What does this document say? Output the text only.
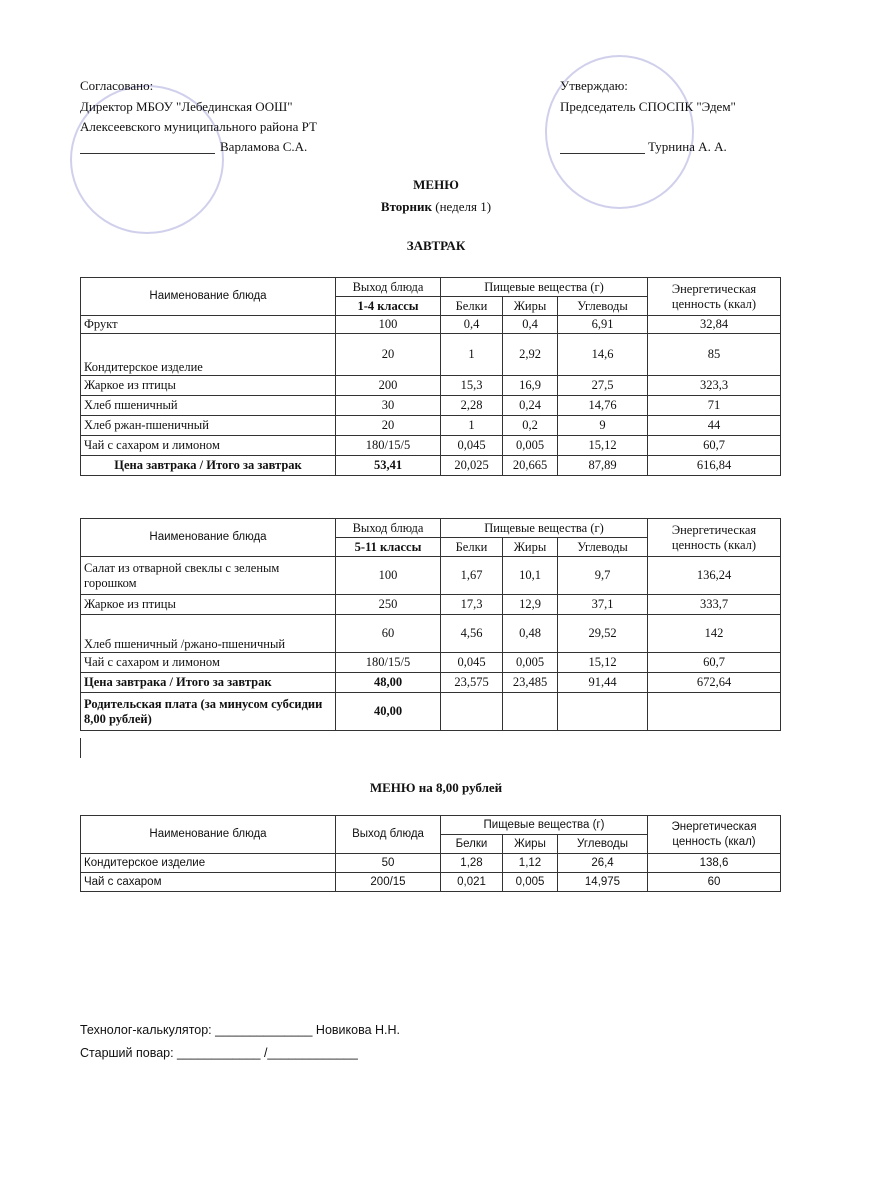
Согласовано:
Директор МБОУ "Лебединская ООШ"
Алексеевского муниципального района РТ
Варламова С.А.
Утверждаю:
Председатель СПОСПК "Эдем"
Турнина А. А.
МЕНЮ
Вторник (неделя 1)
ЗАВТРАК
Наименование блюда	Выход блюда	Пищевые вещества (г)			Энергетическая ценность (ккал)
	1-4 классы	Белки	Жиры	Углеводы	
Фрукт	100	0,4	0,4	6,91	32,84
Кондитерское изделие	20	1	2,92	14,6	85
Жаркое из птицы	200	15,3	16,9	27,5	323,3
Хлеб пшеничный	30	2,28	0,24	14,76	71
Хлеб ржан-пшеничный	20	1	0,2	9	44
Чай с сахаром и лимоном	180/15/5	0,045	0,005	15,12	60,7
Цена завтрака / Итого за завтрак	53,41	20,025	20,665	87,89	616,84
Наименование блюда	Выход блюда	Пищевые вещества (г)			Энергетическая ценность (ккал)
	5-11 классы	Белки	Жиры	Углеводы	
Салат из отварной свеклы с зеленым горошком	100	1,67	10,1	9,7	136,24
Жаркое из птицы	250	17,3	12,9	37,1	333,7
Хлеб пшеничный /ржано-пшеничный	60	4,56	0,48	29,52	142
Чай с сахаром и лимоном	180/15/5	0,045	0,005	15,12	60,7
Цена завтрака / Итого за завтрак	48,00	23,575	23,485	91,44	672,64
Родительская плата (за минусом субсидии 8,00 рублей)	40,00				
МЕНЮ на 8,00 рублей
Наименование блюда	Выход блюда	Пищевые вещества (г)			Энергетическая ценность (ккал)
		Белки	Жиры	Углеводы	
Кондитерское изделие	50	1,28	1,12	26,4	138,6
Чай с сахаром	200/15	0,021	0,005	14,975	60
Технолог-калькулятор: ______________ Новикова Н.Н.
Старший повар: ____________ /_____________
